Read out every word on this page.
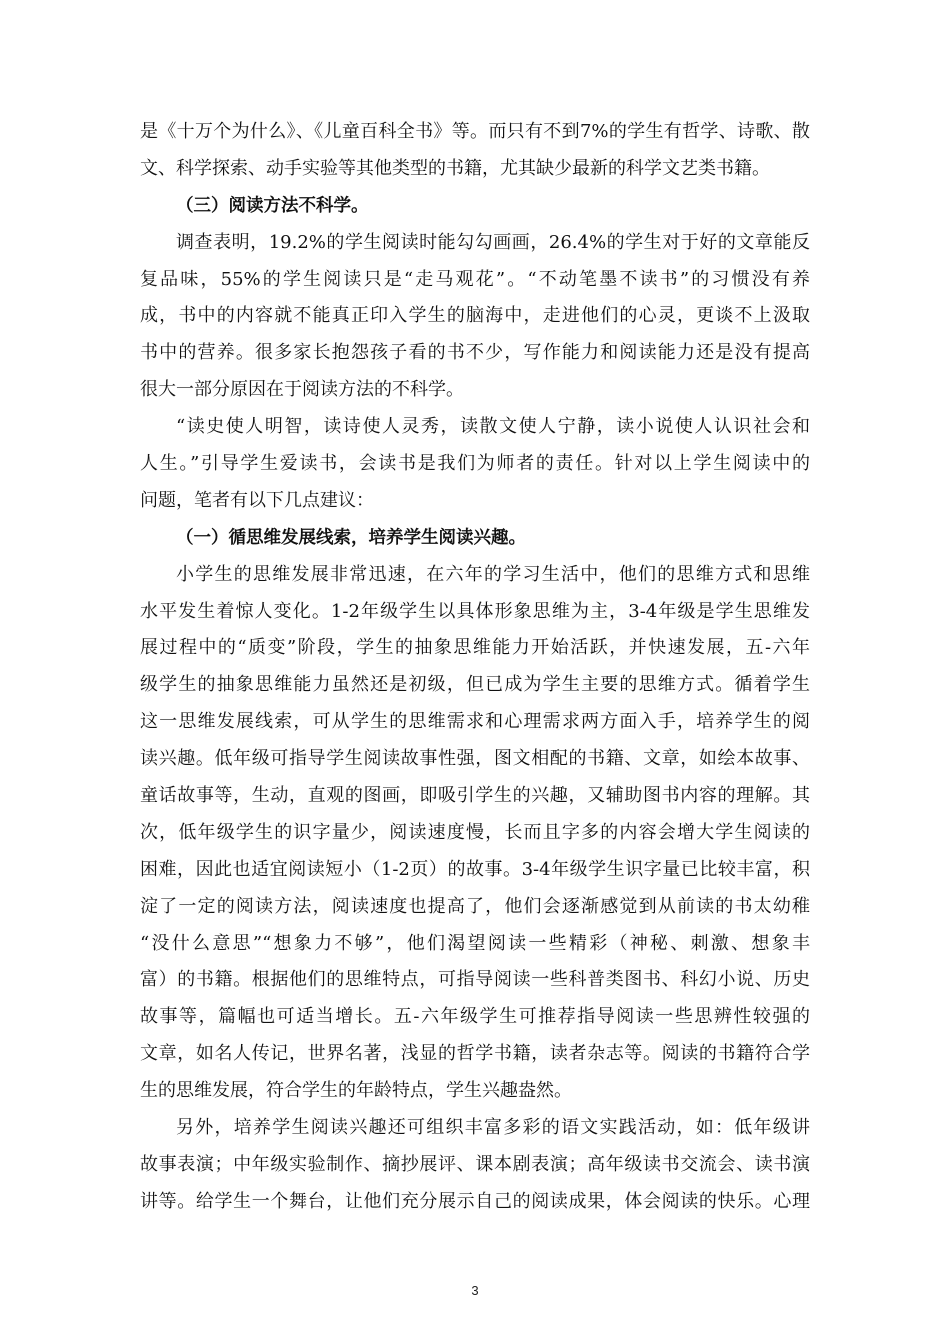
是《十万个为什么》、《儿童百科全书》等。而只有不到7%的学生有哲学、诗歌、散
文、科学探索、动手实验等其他类型的书籍，尤其缺少最新的科学文艺类书籍。
（三）阅读方法不科学。
调查表明，19.2%的学生阅读时能勾勾画画，26.4%的学生对于好的文章能反
复品味，55%的学生阅读只是“走马观花”。“不动笔墨不读书”的习惯没有养
成，书中的内容就不能真正印入学生的脑海中，走进他们的心灵，更谈不上汲取
书中的营养。很多家长抱怨孩子看的书不少，写作能力和阅读能力还是没有提高
很大一部分原因在于阅读方法的不科学。
“读史使人明智，读诗使人灵秀，读散文使人宁静，读小说使人认识社会和
人生。”引导学生爱读书，会读书是我们为师者的责任。针对以上学生阅读中的
问题，笔者有以下几点建议：
（一）循思维发展线索，培养学生阅读兴趣。
小学生的思维发展非常迅速，在六年的学习生活中，他们的思维方式和思维
水平发生着惊人变化。1-2年级学生以具体形象思维为主，3-4年级是学生思维发
展过程中的“质变”阶段，学生的抽象思维能力开始活跃，并快速发展，五-六年
级学生的抽象思维能力虽然还是初级，但已成为学生主要的思维方式。循着学生
这一思维发展线索，可从学生的思维需求和心理需求两方面入手，培养学生的阅
读兴趣。低年级可指导学生阅读故事性强，图文相配的书籍、文章，如绘本故事、
童话故事等，生动，直观的图画，即吸引学生的兴趣，又辅助图书内容的理解。其
次，低年级学生的识字量少，阅读速度慢，长而且字多的内容会增大学生阅读的
困难，因此也适宜阅读短小（1-2页）的故事。3-4年级学生识字量已比较丰富，积
淀了一定的阅读方法，阅读速度也提高了，他们会逐渐感觉到从前读的书太幼稚
“没什么意思”“想象力不够”，他们渴望阅读一些精彩（神秘、刺激、想象丰
富）的书籍。根据他们的思维特点，可指导阅读一些科普类图书、科幻小说、历史
故事等，篇幅也可适当增长。五-六年级学生可推荐指导阅读一些思辨性较强的
文章，如名人传记，世界名著，浅显的哲学书籍，读者杂志等。阅读的书籍符合学
生的思维发展，符合学生的年龄特点，学生兴趣盎然。
另外，培养学生阅读兴趣还可组织丰富多彩的语文实践活动，如：低年级讲
故事表演；中年级实验制作、摘抄展评、课本剧表演；高年级读书交流会、读书演
讲等。给学生一个舞台，让他们充分展示自己的阅读成果，体会阅读的快乐。心理
3
